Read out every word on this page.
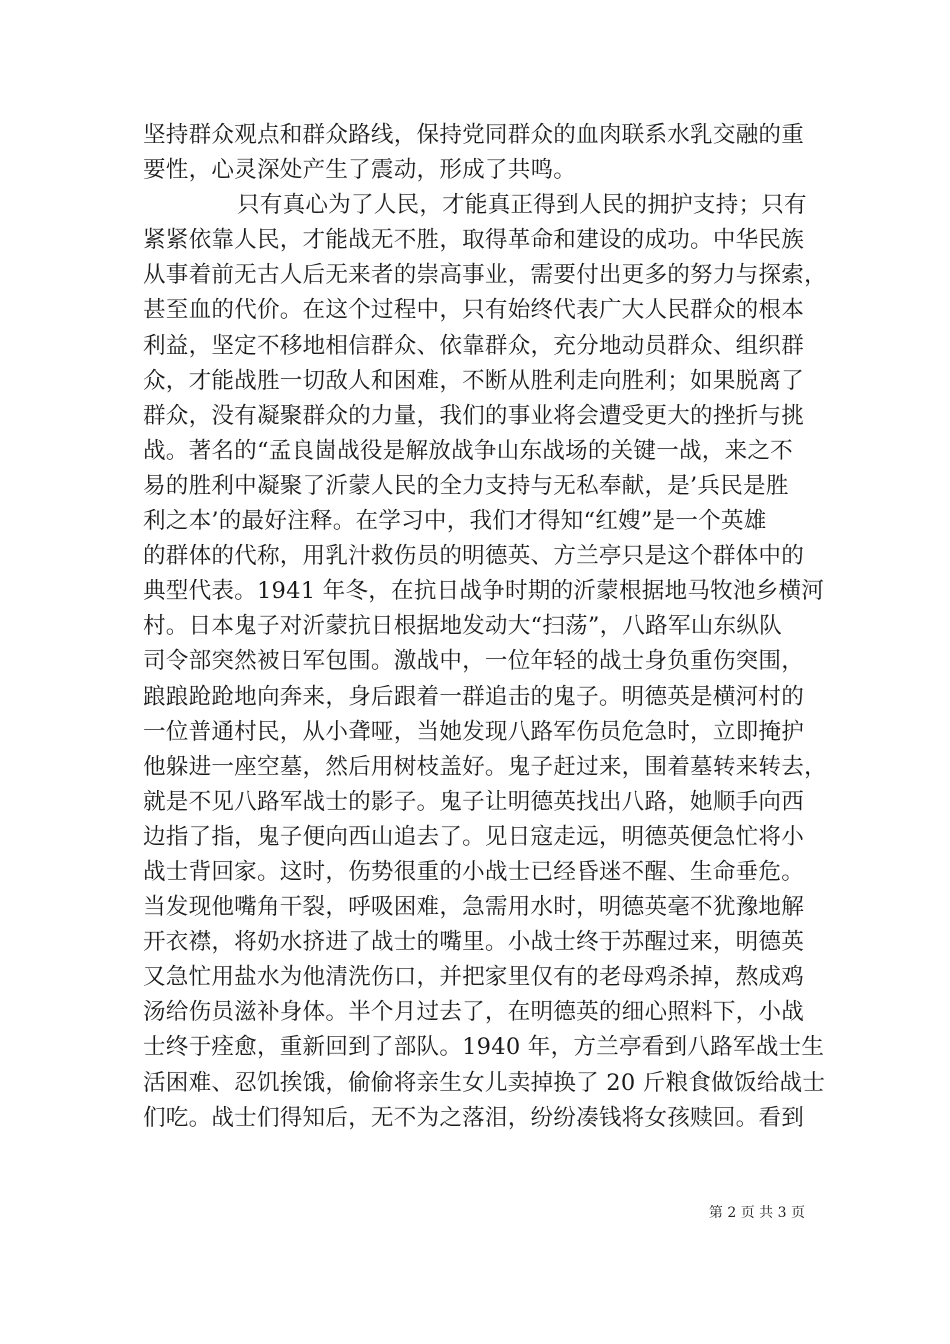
坚持群众观点和群众路线，保持党同群众的血肉联系水乳交融的重
要性，心灵深处产生了震动，形成了共鸣。
只有真心为了人民，才能真正得到人民的拥护支持；只有
紧紧依靠人民，才能战无不胜，取得革命和建设的成功。中华民族
从事着前无古人后无来者的崇高事业，需要付出更多的努力与探索，
甚至血的代价。在这个过程中，只有始终代表广大人民群众的根本
利益，坚定不移地相信群众、依靠群众，充分地动员群众、组织群
众，才能战胜一切敌人和困难，不断从胜利走向胜利；如果脱离了
群众，没有凝聚群众的力量，我们的事业将会遭受更大的挫折与挑
战。著名的“孟良崮战役是解放战争山东战场的关键一战，来之不
易的胜利中凝聚了沂蒙人民的全力支持与无私奉献，是’兵民是胜
利之本’的最好注释。在学习中，我们才得知“红嫂”是一个英雄
的群体的代称，用乳汁救伤员的明德英、方兰亭只是这个群体中的
典型代表。1941 年冬，在抗日战争时期的沂蒙根据地马牧池乡横河
村。日本鬼子对沂蒙抗日根据地发动大“扫荡”，八路军山东纵队
司令部突然被日军包围。激战中，一位年轻的战士身负重伤突围，
踉踉跄跄地向奔来，身后跟着一群追击的鬼子。明德英是横河村的
一位普通村民，从小聋哑，当她发现八路军伤员危急时，立即掩护
他躲进一座空墓，然后用树枝盖好。鬼子赶过来，围着墓转来转去，
就是不见八路军战士的影子。鬼子让明德英找出八路，她顺手向西
边指了指，鬼子便向西山追去了。见日寇走远，明德英便急忙将小
战士背回家。这时，伤势很重的小战士已经昏迷不醒、生命垂危。
当发现他嘴角干裂，呼吸困难，急需用水时，明德英毫不犹豫地解
开衣襟，将奶水挤进了战士的嘴里。小战士终于苏醒过来，明德英
又急忙用盐水为他清洗伤口，并把家里仅有的老母鸡杀掉，熬成鸡
汤给伤员滋补身体。半个月过去了，在明德英的细心照料下，小战
士终于痊愈，重新回到了部队。1940 年，方兰亭看到八路军战士生
活困难、忍饥挨饿，偷偷将亲生女儿卖掉换了 20 斤粮食做饭给战士
们吃。战士们得知后，无不为之落泪，纷纷凑钱将女孩赎回。看到
第 2 页 共 3 页
